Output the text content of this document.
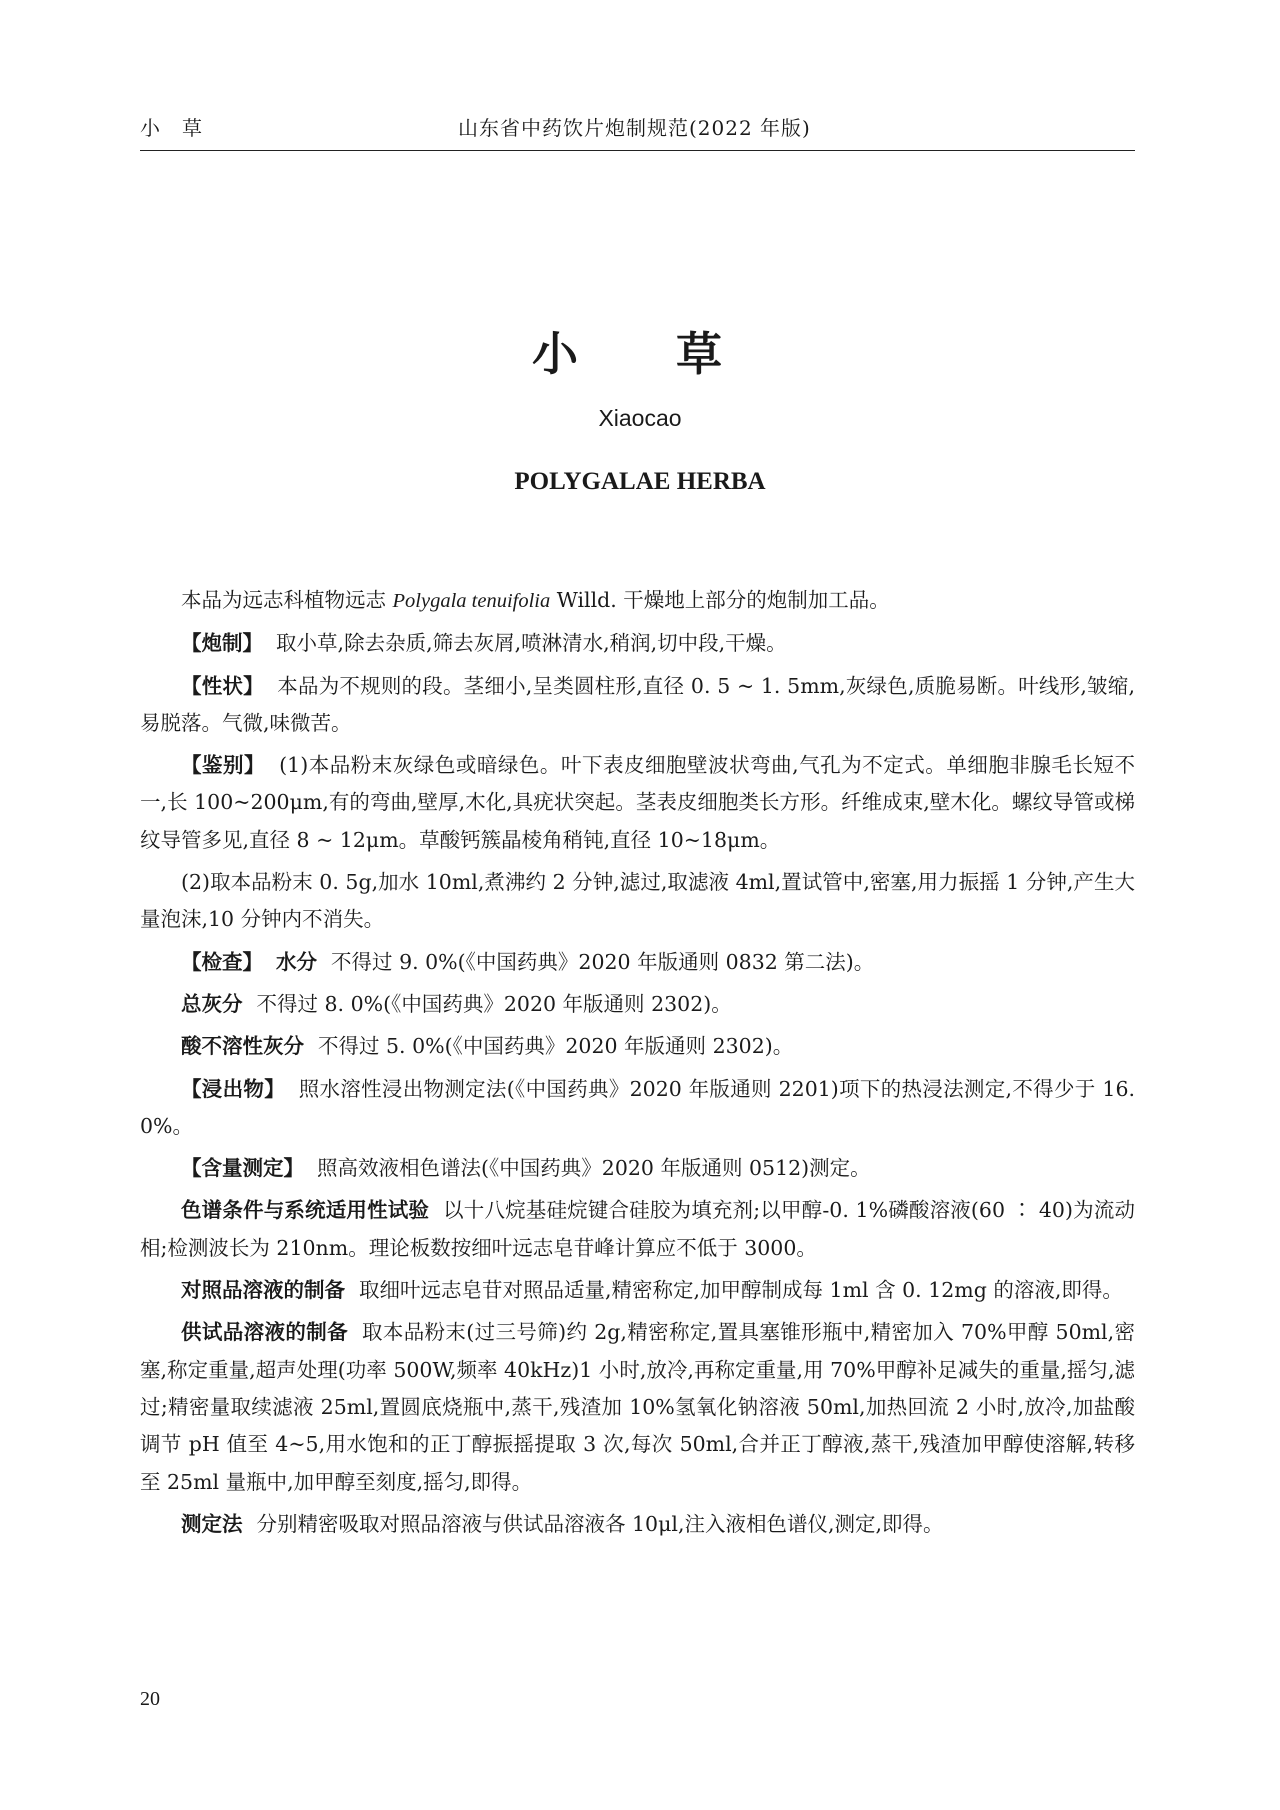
小　草	山东省中药饮片炮制规范(2022 年版)
小　草
Xiaocao
POLYGALAE HERBA

本品为远志科植物远志 Polygala tenuifolia Willd. 干燥地上部分的炮制加工品。

【炮制】 取小草,除去杂质,筛去灰屑,喷淋清水,稍润,切中段,干燥。

【性状】 本品为不规则的段。茎细小,呈类圆柱形,直径 0. 5 ~ 1. 5mm,灰绿色,质脆易断。叶线形,皱缩,易脱落。气微,味微苦。

【鉴别】 (1)本品粉末灰绿色或暗绿色。叶下表皮细胞壁波状弯曲,气孔为不定式。单细胞非腺毛长短不一,长 100~200μm,有的弯曲,壁厚,木化,具疣状突起。茎表皮细胞类长方形。纤维成束,壁木化。螺纹导管或梯纹导管多见,直径 8 ~ 12μm。草酸钙簇晶棱角稍钝,直径 10~18μm。

(2)取本品粉末 0. 5g,加水 10ml,煮沸约 2 分钟,滤过,取滤液 4ml,置试管中,密塞,用力振摇 1 分钟,产生大量泡沫,10 分钟内不消失。

【检查】 水分 不得过 9. 0%(《中国药典》2020 年版通则 0832 第二法)。

总灰分 不得过 8. 0%(《中国药典》2020 年版通则 2302)。

酸不溶性灰分 不得过 5. 0%(《中国药典》2020 年版通则 2302)。

【浸出物】 照水溶性浸出物测定法(《中国药典》2020 年版通则 2201)项下的热浸法测定,不得少于 16. 0%。

【含量测定】 照高效液相色谱法(《中国药典》2020 年版通则 0512)测定。

色谱条件与系统适用性试验 以十八烷基硅烷键合硅胶为填充剂;以甲醇-0. 1%磷酸溶液(60 ∶ 40)为流动相;检测波长为 210nm。理论板数按细叶远志皂苷峰计算应不低于 3000。

对照品溶液的制备 取细叶远志皂苷对照品适量,精密称定,加甲醇制成每 1ml 含 0. 12mg 的溶液,即得。

供试品溶液的制备 取本品粉末(过三号筛)约 2g,精密称定,置具塞锥形瓶中,精密加入 70%甲醇 50ml,密塞,称定重量,超声处理(功率 500W,频率 40kHz)1 小时,放冷,再称定重量,用 70%甲醇补足减失的重量,摇匀,滤过;精密量取续滤液 25ml,置圆底烧瓶中,蒸干,残渣加 10%氢氧化钠溶液 50ml,加热回流 2 小时,放冷,加盐酸调节 pH 值至 4~5,用水饱和的正丁醇振摇提取 3 次,每次 50ml,合并正丁醇液,蒸干,残渣加甲醇使溶解,转移至 25ml 量瓶中,加甲醇至刻度,摇匀,即得。

测定法 分别精密吸取对照品溶液与供试品溶液各 10μl,注入液相色谱仪,测定,即得。

20
